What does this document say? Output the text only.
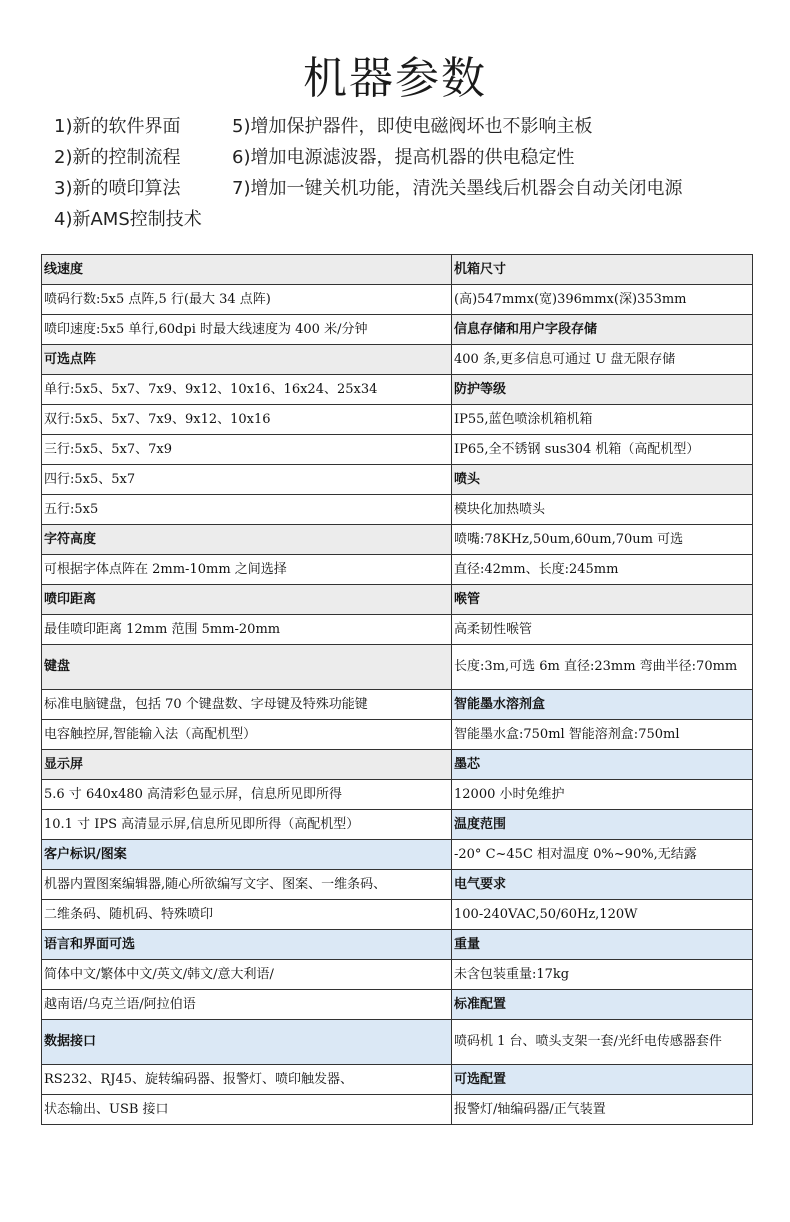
机器参数
1)新的软件界面
2)新的控制流程
3)新的喷印算法
4)新AMS控制技术
5)增加保护器件，即使电磁阀坏也不影响主板
6)增加电源滤波器，提高机器的供电稳定性
7)增加一键关机功能，清洗关墨线后机器会自动关闭电源
线速度	机箱尺寸
喷码行数:5x5 点阵,5 行(最大 34 点阵)	(高)547mmx(宽)396mmx(深)353mm
喷印速度:5x5 单行,60dpi 时最大线速度为 400 米/分钟	信息存储和用户字段存储
可选点阵	400 条,更多信息可通过 U 盘无限存储
单行:5x5、5x7、7x9、9x12、10x16、16x24、25x34	防护等级
双行:5x5、5x7、7x9、9x12、10x16	IP55,蓝色喷涂机箱机箱
三行:5x5、5x7、7x9	IP65,全不锈钢 sus304 机箱（高配机型）
四行:5x5、5x7	喷头
五行:5x5	模块化加热喷头
字符高度	喷嘴:78KHz,50um,60um,70um 可选
可根据字体点阵在 2mm-10mm 之间选择	直径:42mm、长度:245mm
喷印距离	喉管
最佳喷印距离 12mm 范围 5mm-20mm	高柔韧性喉管
键盘	长度:3m,可选 6m 直径:23mm 弯曲半径:70mm
标准电脑键盘，包括 70 个键盘数、字母键及特殊功能键	智能墨水溶剂盒
电容触控屏,智能输入法（高配机型）	智能墨水盒:750ml 智能溶剂盒:750ml
显示屏	墨芯
5.6 寸 640x480 高清彩色显示屏，信息所见即所得	12000 小时免维护
10.1 寸 IPS 高清显示屏,信息所见即所得（高配机型）	温度范围
客户标识/图案	-20° C~45C 相对温度 0%~90%,无结露
机器内置图案编辑器,随心所欲编写文字、图案、一维条码、	电气要求
二维条码、随机码、特殊喷印	100-240VAC,50/60Hz,120W
语言和界面可选	重量
简体中文/繁体中文/英文/韩文/意大利语/	未含包装重量:17kg
越南语/乌克兰语/阿拉伯语	标准配置
数据接口	喷码机 1 台、喷头支架一套/光纤电传感器套件
RS232、RJ45、旋转编码器、报警灯、喷印触发器、	可选配置
状态输出、USB 接口	报警灯/轴编码器/正气装置
